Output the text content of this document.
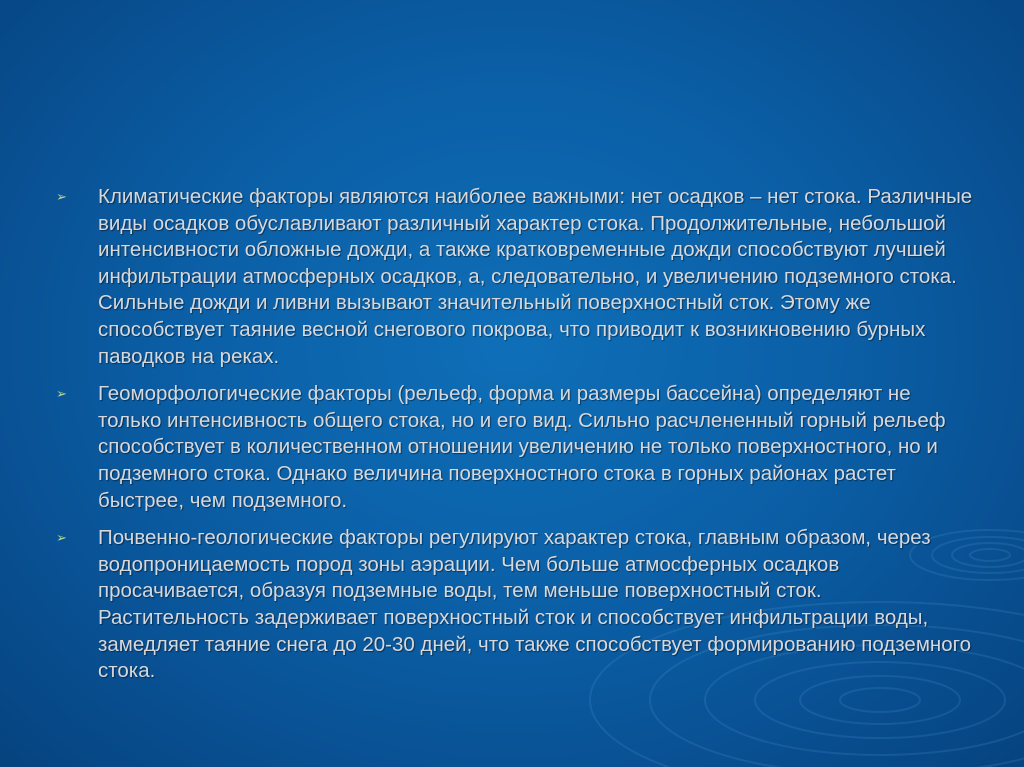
➢ Климатические факторы являются наиболее важными: нет осадков – нет стока. Различные виды осадков обуславливают различный характер стока. Продолжительные, небольшой интенсивности обложные дожди, а также кратковременные дожди способствуют лучшей инфильтрации атмосферных осадков, а, следовательно, и увеличению подземного стока. Сильные дожди и ливни вызывают значительный поверхностный сток. Этому же способствует таяние весной снегового покрова, что приводит к возникновению бурных паводков на реках.

➢ Геоморфологические факторы (рельеф, форма и размеры бассейна) определяют не только интенсивность общего стока, но и его вид. Сильно расчлененный горный рельеф способствует в количественном отношении увеличению не только поверхностного, но и подземного стока. Однако величина поверхностного стока в горных районах растет быстрее, чем подземного.

➢ Почвенно-геологические факторы регулируют характер стока, главным образом, через водопроницаемость пород зоны аэрации. Чем больше атмосферных осадков просачивается, образуя подземные воды, тем меньше поверхностный сток. Растительность задерживает поверхностный сток и способствует инфильтрации воды, замедляет таяние снега до 20-30 дней, что также способствует формированию подземного стока.
